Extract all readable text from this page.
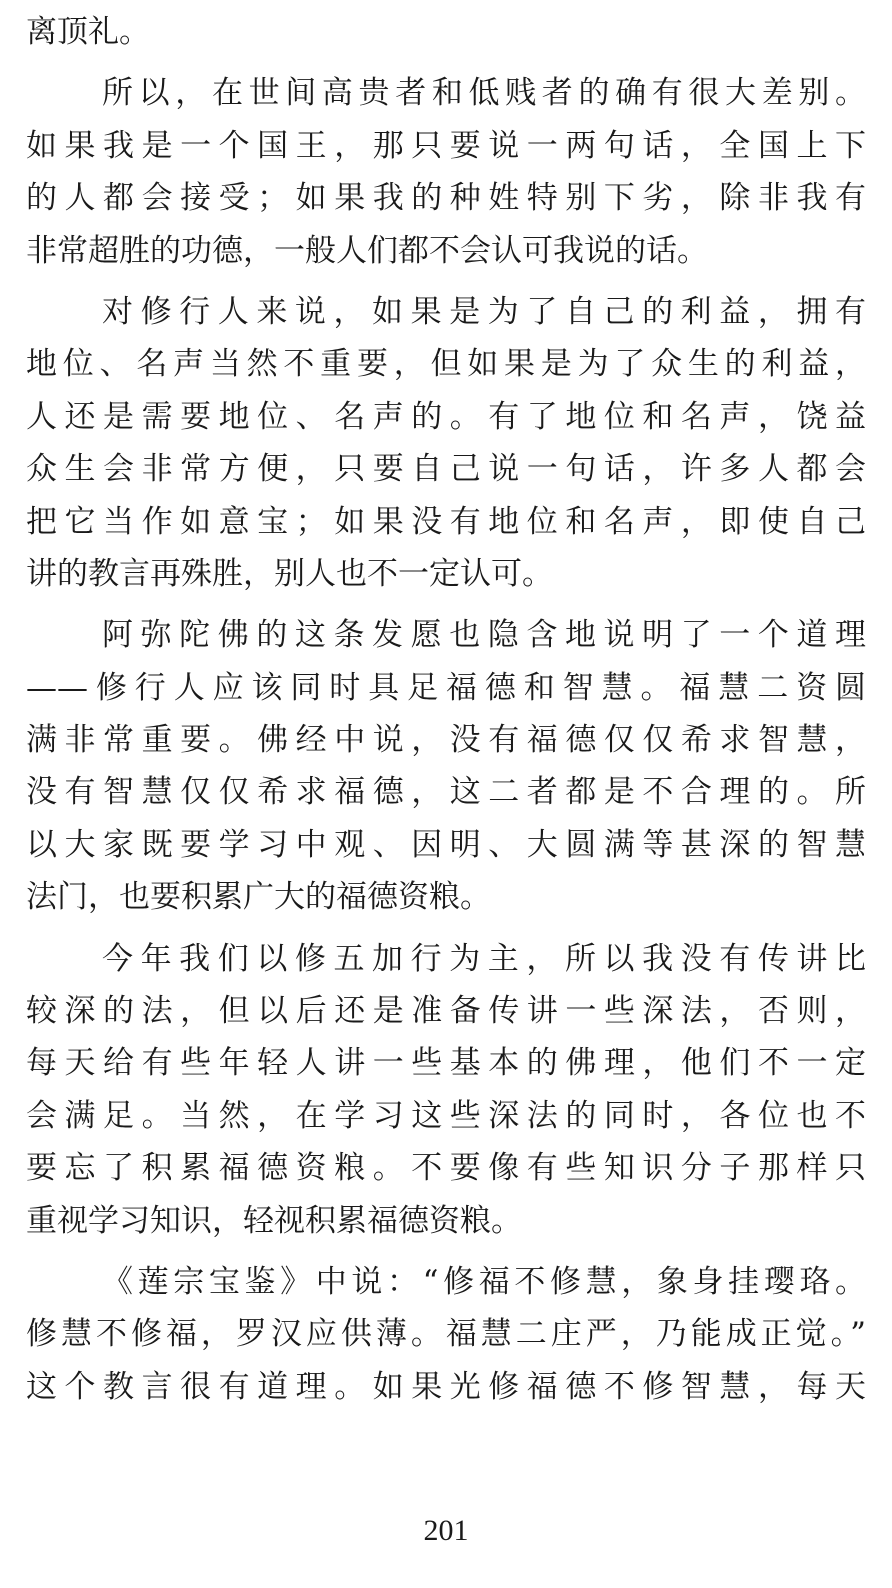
离顶礼。
所以，在世间高贵者和低贱者的确有很大差别。
如果我是一个国王，那只要说一两句话，全国上下
的人都会接受；如果我的种姓特别下劣，除非我有
非常超胜的功德，一般人们都不会认可我说的话。
对修行人来说，如果是为了自己的利益，拥有
地位、名声当然不重要，但如果是为了众生的利益，
人还是需要地位、名声的。有了地位和名声，饶益
众生会非常方便，只要自己说一句话，许多人都会
把它当作如意宝；如果没有地位和名声，即使自己
讲的教言再殊胜，别人也不一定认可。
阿弥陀佛的这条发愿也隐含地说明了一个道理
——修行人应该同时具足福德和智慧。福慧二资圆
满非常重要。佛经中说，没有福德仅仅希求智慧，
没有智慧仅仅希求福德，这二者都是不合理的。所
以大家既要学习中观、因明、大圆满等甚深的智慧
法门，也要积累广大的福德资粮。
今年我们以修五加行为主，所以我没有传讲比
较深的法，但以后还是准备传讲一些深法，否则，
每天给有些年轻人讲一些基本的佛理，他们不一定
会满足。当然，在学习这些深法的同时，各位也不
要忘了积累福德资粮。不要像有些知识分子那样只
重视学习知识，轻视积累福德资粮。
《莲宗宝鉴》中说：“修福不修慧，象身挂璎珞。
修慧不修福，罗汉应供薄。福慧二庄严，乃能成正觉。”
这个教言很有道理。如果光修福德不修智慧，每天
201
